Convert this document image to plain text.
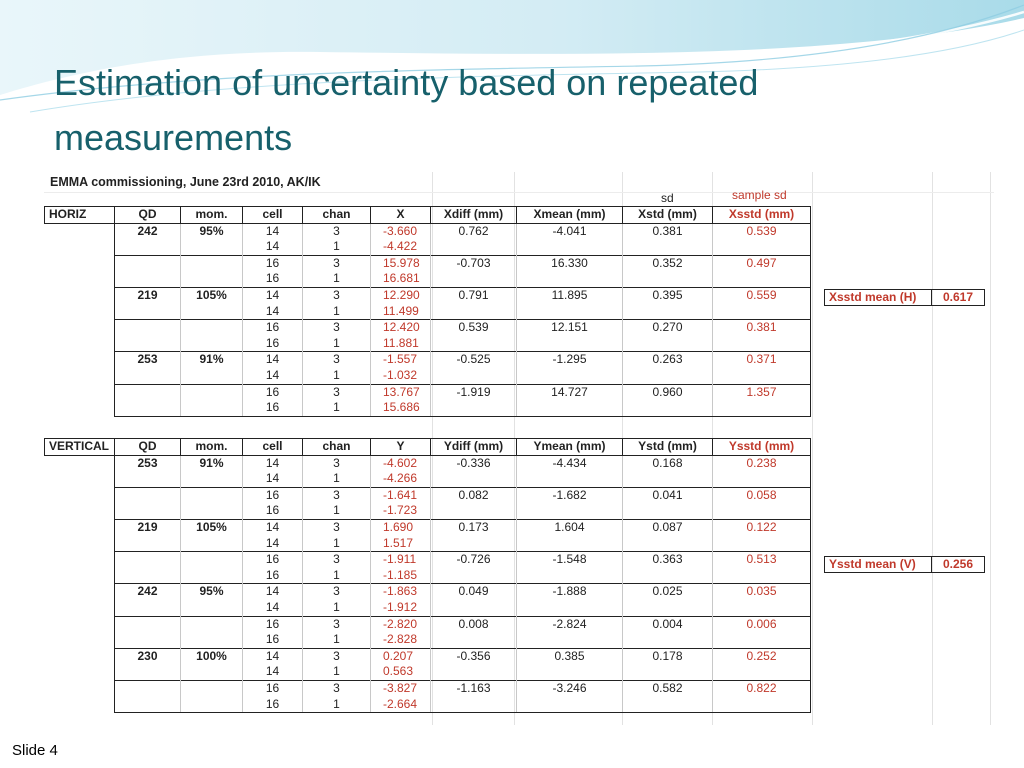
Estimation of uncertainty based on repeated measurements
EMMA commissioning, June 23rd 2010, AK/IK
sd	sample sd
HORIZ	QD	mom.	cell	chan	X	Xdiff (mm)	Xmean (mm)	Xstd (mm)	Xsstd (mm)
	242	95%	14	3	-3.660	0.762	-4.041	0.381	0.539
			14	1	-4.422				
			16	3	15.978	-0.703	16.330	0.352	0.497
			16	1	16.681				
	219	105%	14	3	12.290	0.791	11.895	0.395	0.559
			14	1	11.499				
			16	3	12.420	0.539	12.151	0.270	0.381
			16	1	11.881				
	253	91%	14	3	-1.557	-0.525	-1.295	0.263	0.371
			14	1	-1.032				
			16	3	13.767	-1.919	14.727	0.960	1.357
			16	1	15.686				
VERTICAL	QD	mom.	cell	chan	Y	Ydiff (mm)	Ymean (mm)	Ystd (mm)	Ysstd (mm)
	253	91%	14	3	-4.602	-0.336	-4.434	0.168	0.238
			14	1	-4.266				
			16	3	-1.641	0.082	-1.682	0.041	0.058
			16	1	-1.723				
	219	105%	14	3	1.690	0.173	1.604	0.087	0.122
			14	1	1.517				
			16	3	-1.911	-0.726	-1.548	0.363	0.513
			16	1	-1.185				
	242	95%	14	3	-1.863	0.049	-1.888	0.025	0.035
			14	1	-1.912				
			16	3	-2.820	0.008	-2.824	0.004	0.006
			16	1	-2.828				
	230	100%	14	3	0.207	-0.356	0.385	0.178	0.252
			14	1	0.563				
			16	3	-3.827	-1.163	-3.246	0.582	0.822
			16	1	-2.664				
Xsstd mean (H)	0.617
Ysstd mean (V)	0.256
Slide 4
